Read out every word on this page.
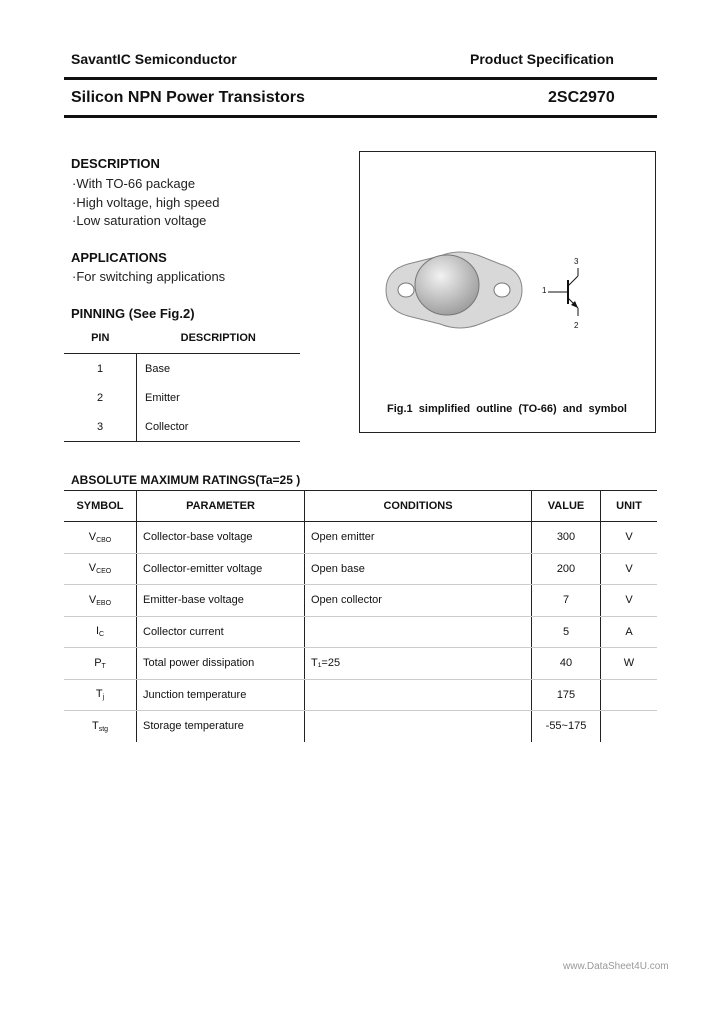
SavantIC Semiconductor	Product Specification
Silicon NPN Power Transistors	2SC2970
DESCRIPTION
·With TO-66 package
·High voltage, high speed
·Low saturation voltage
APPLICATIONS
·For switching applications
PINNING (See Fig.2)
PIN	DESCRIPTION
1	Base
2	Emitter
3	Collector
3
1
2
Fig.1  simplified  outline  (TO-66)  and  symbol
ABSOLUTE MAXIMUM RATINGS(Ta=25 )
SYMBOL	PARAMETER	CONDITIONS	VALUE	UNIT
$V_{CBO}$	Collector-base voltage	Open emitter	300	V
$V_{CEO}$	Collector-emitter voltage	Open base	200	V
$V_{EBO}$	Emitter-base voltage	Open collector	7	V
$I_C$	Collector current		5	A
$P_T$	Total power dissipation	T₁=25	40	W
$T_j$	Junction temperature		175	
$T_{stg}$	Storage temperature		-55~175	
www.DataSheet4U.com
